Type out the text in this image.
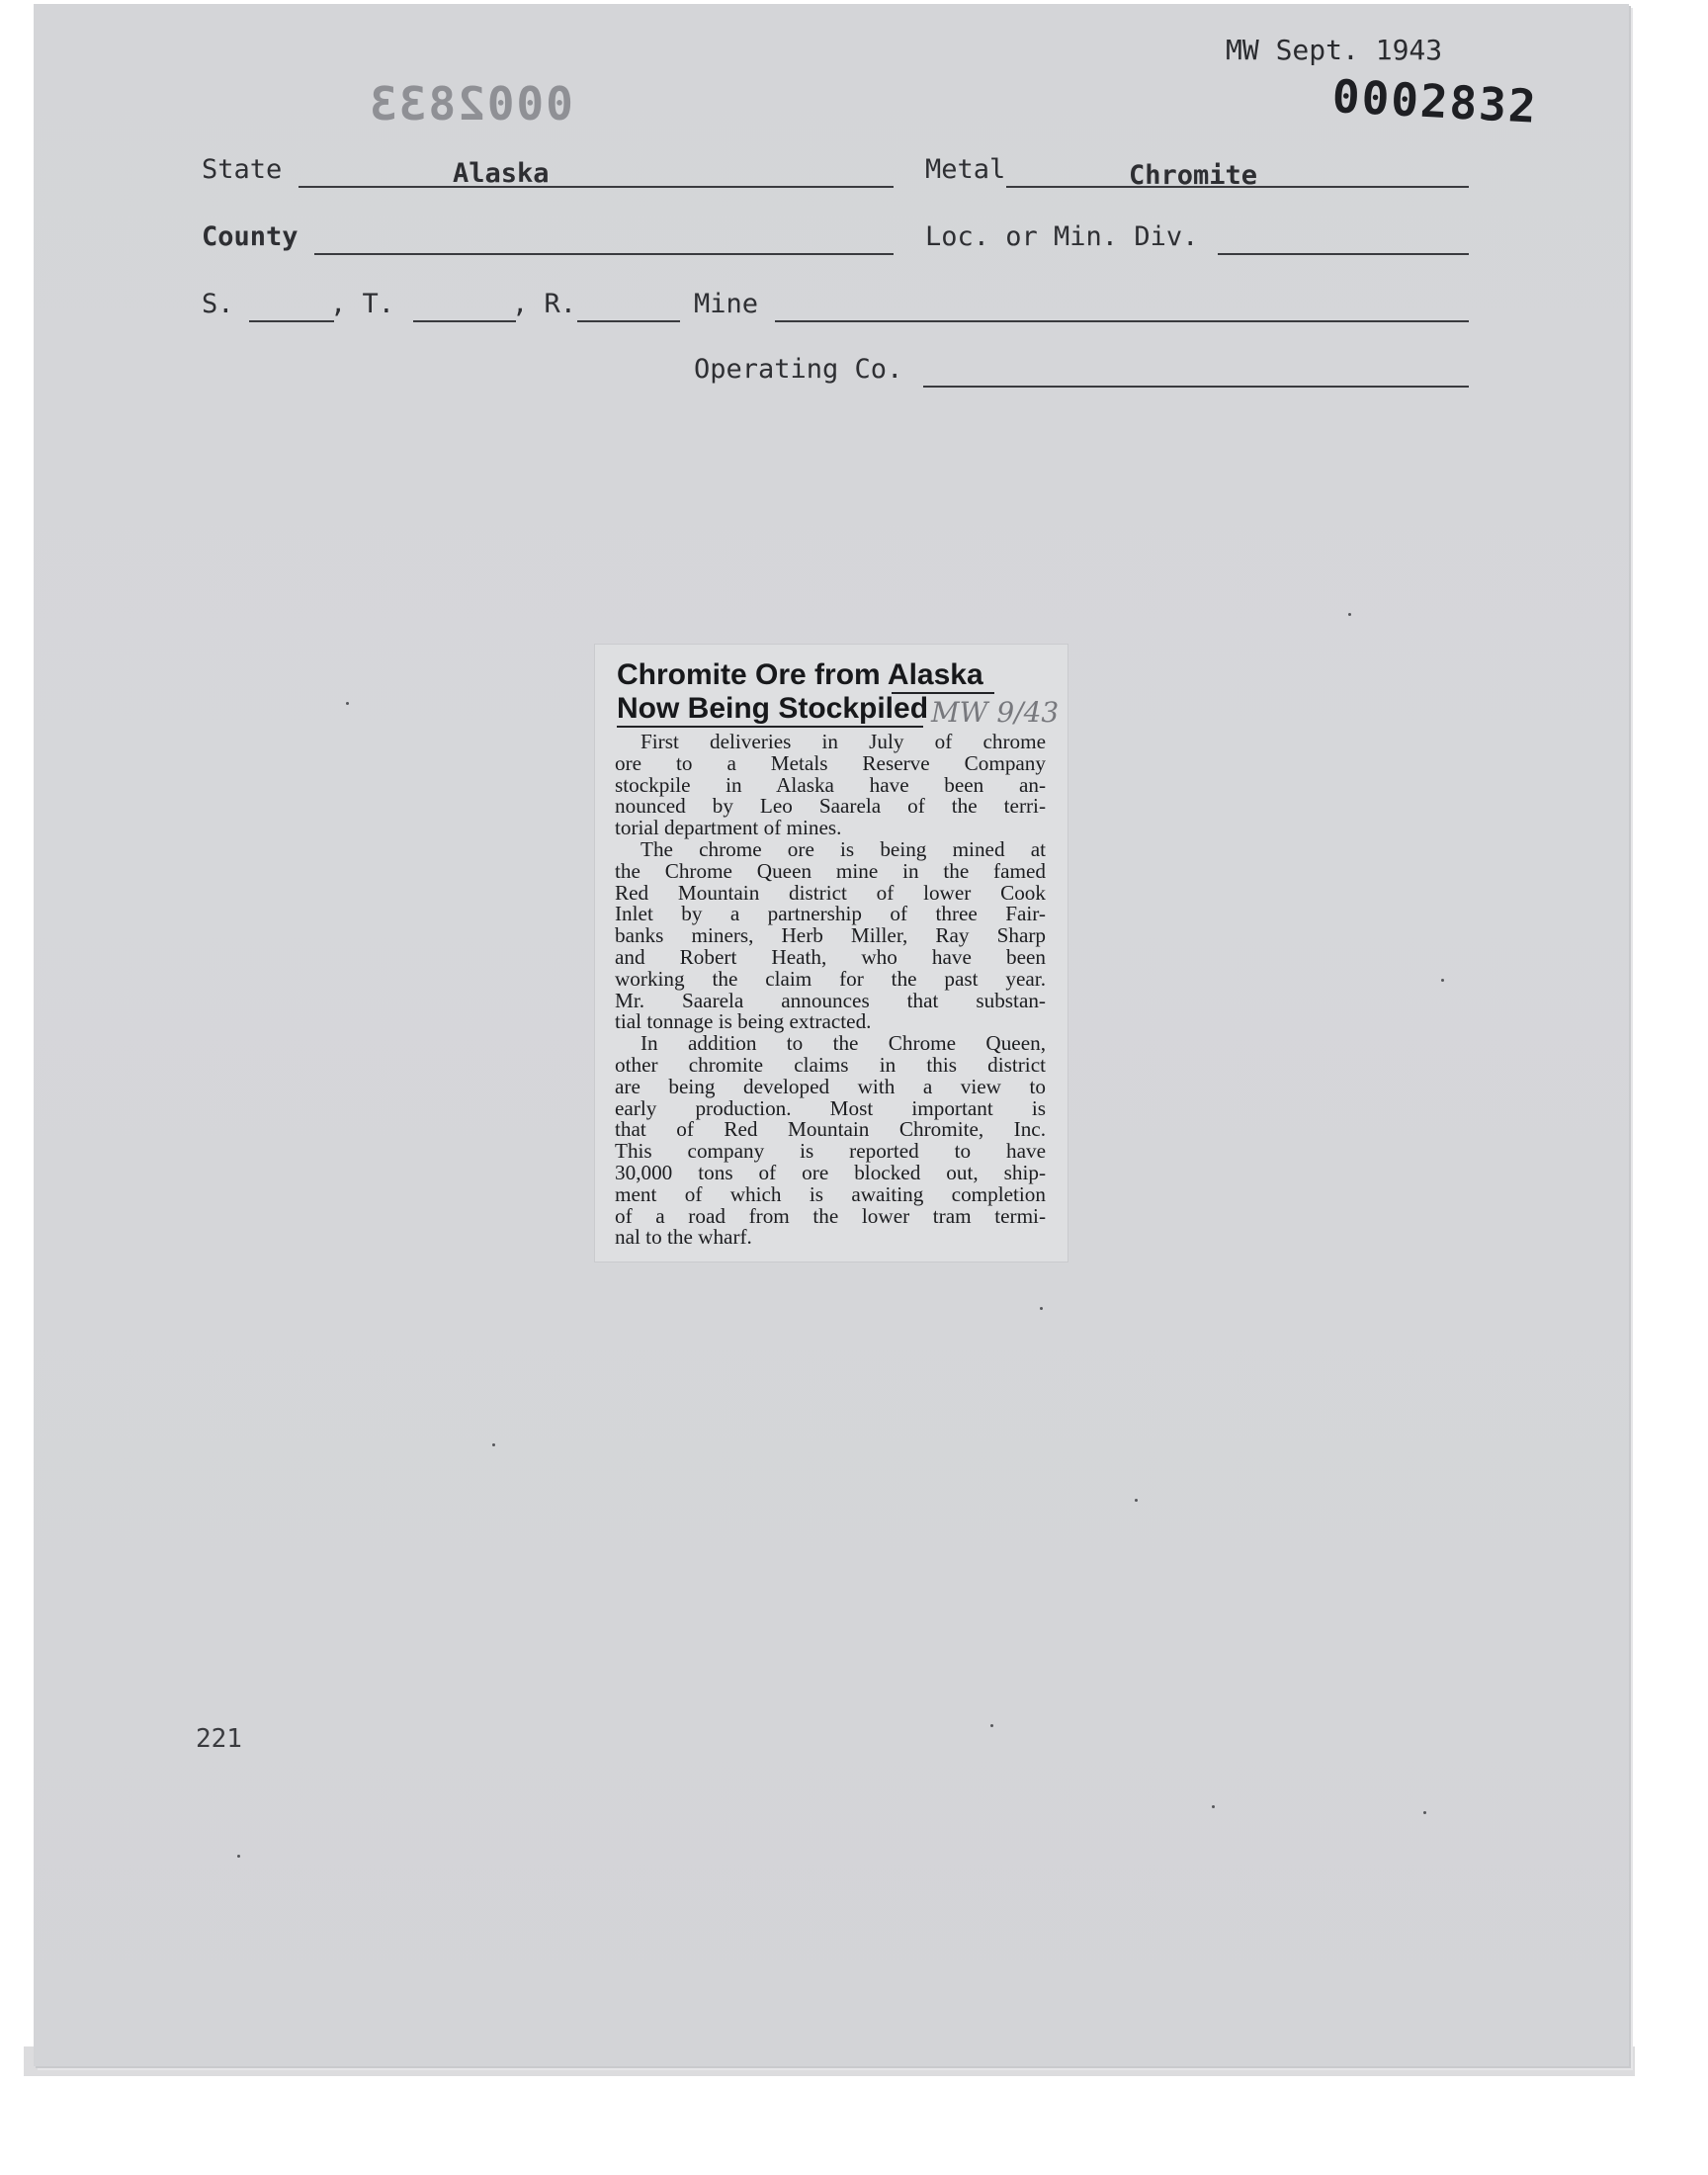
MW Sept. 1943
0002832
0002833
State	Alaska	Metal	Chromite
County	Loc. or Min. Div.
S.	, T.	, R.	Mine
Operating Co.
Chromite Ore from Alaska
Now Being Stockpiled MW 9/43

First deliveries in July of chrome
ore to a Metals Reserve Company
stockpile in Alaska have been an-
nounced by Leo Saarela of the terri-
torial department of mines.

The chrome ore is being mined at
the Chrome Queen mine in the famed
Red Mountain district of lower Cook
Inlet by a partnership of three Fair-
banks miners, Herb Miller, Ray Sharp
and Robert Heath, who have been
working the claim for the past year.
Mr. Saarela announces that substan-
tial tonnage is being extracted.

In addition to the Chrome Queen,
other chromite claims in this district
are being developed with a view to
early production. Most important is
that of Red Mountain Chromite, Inc.
This company is reported to have
30,000 tons of ore blocked out, ship-
ment of which is awaiting completion
of a road from the lower tram termi-
nal to the wharf.

221
